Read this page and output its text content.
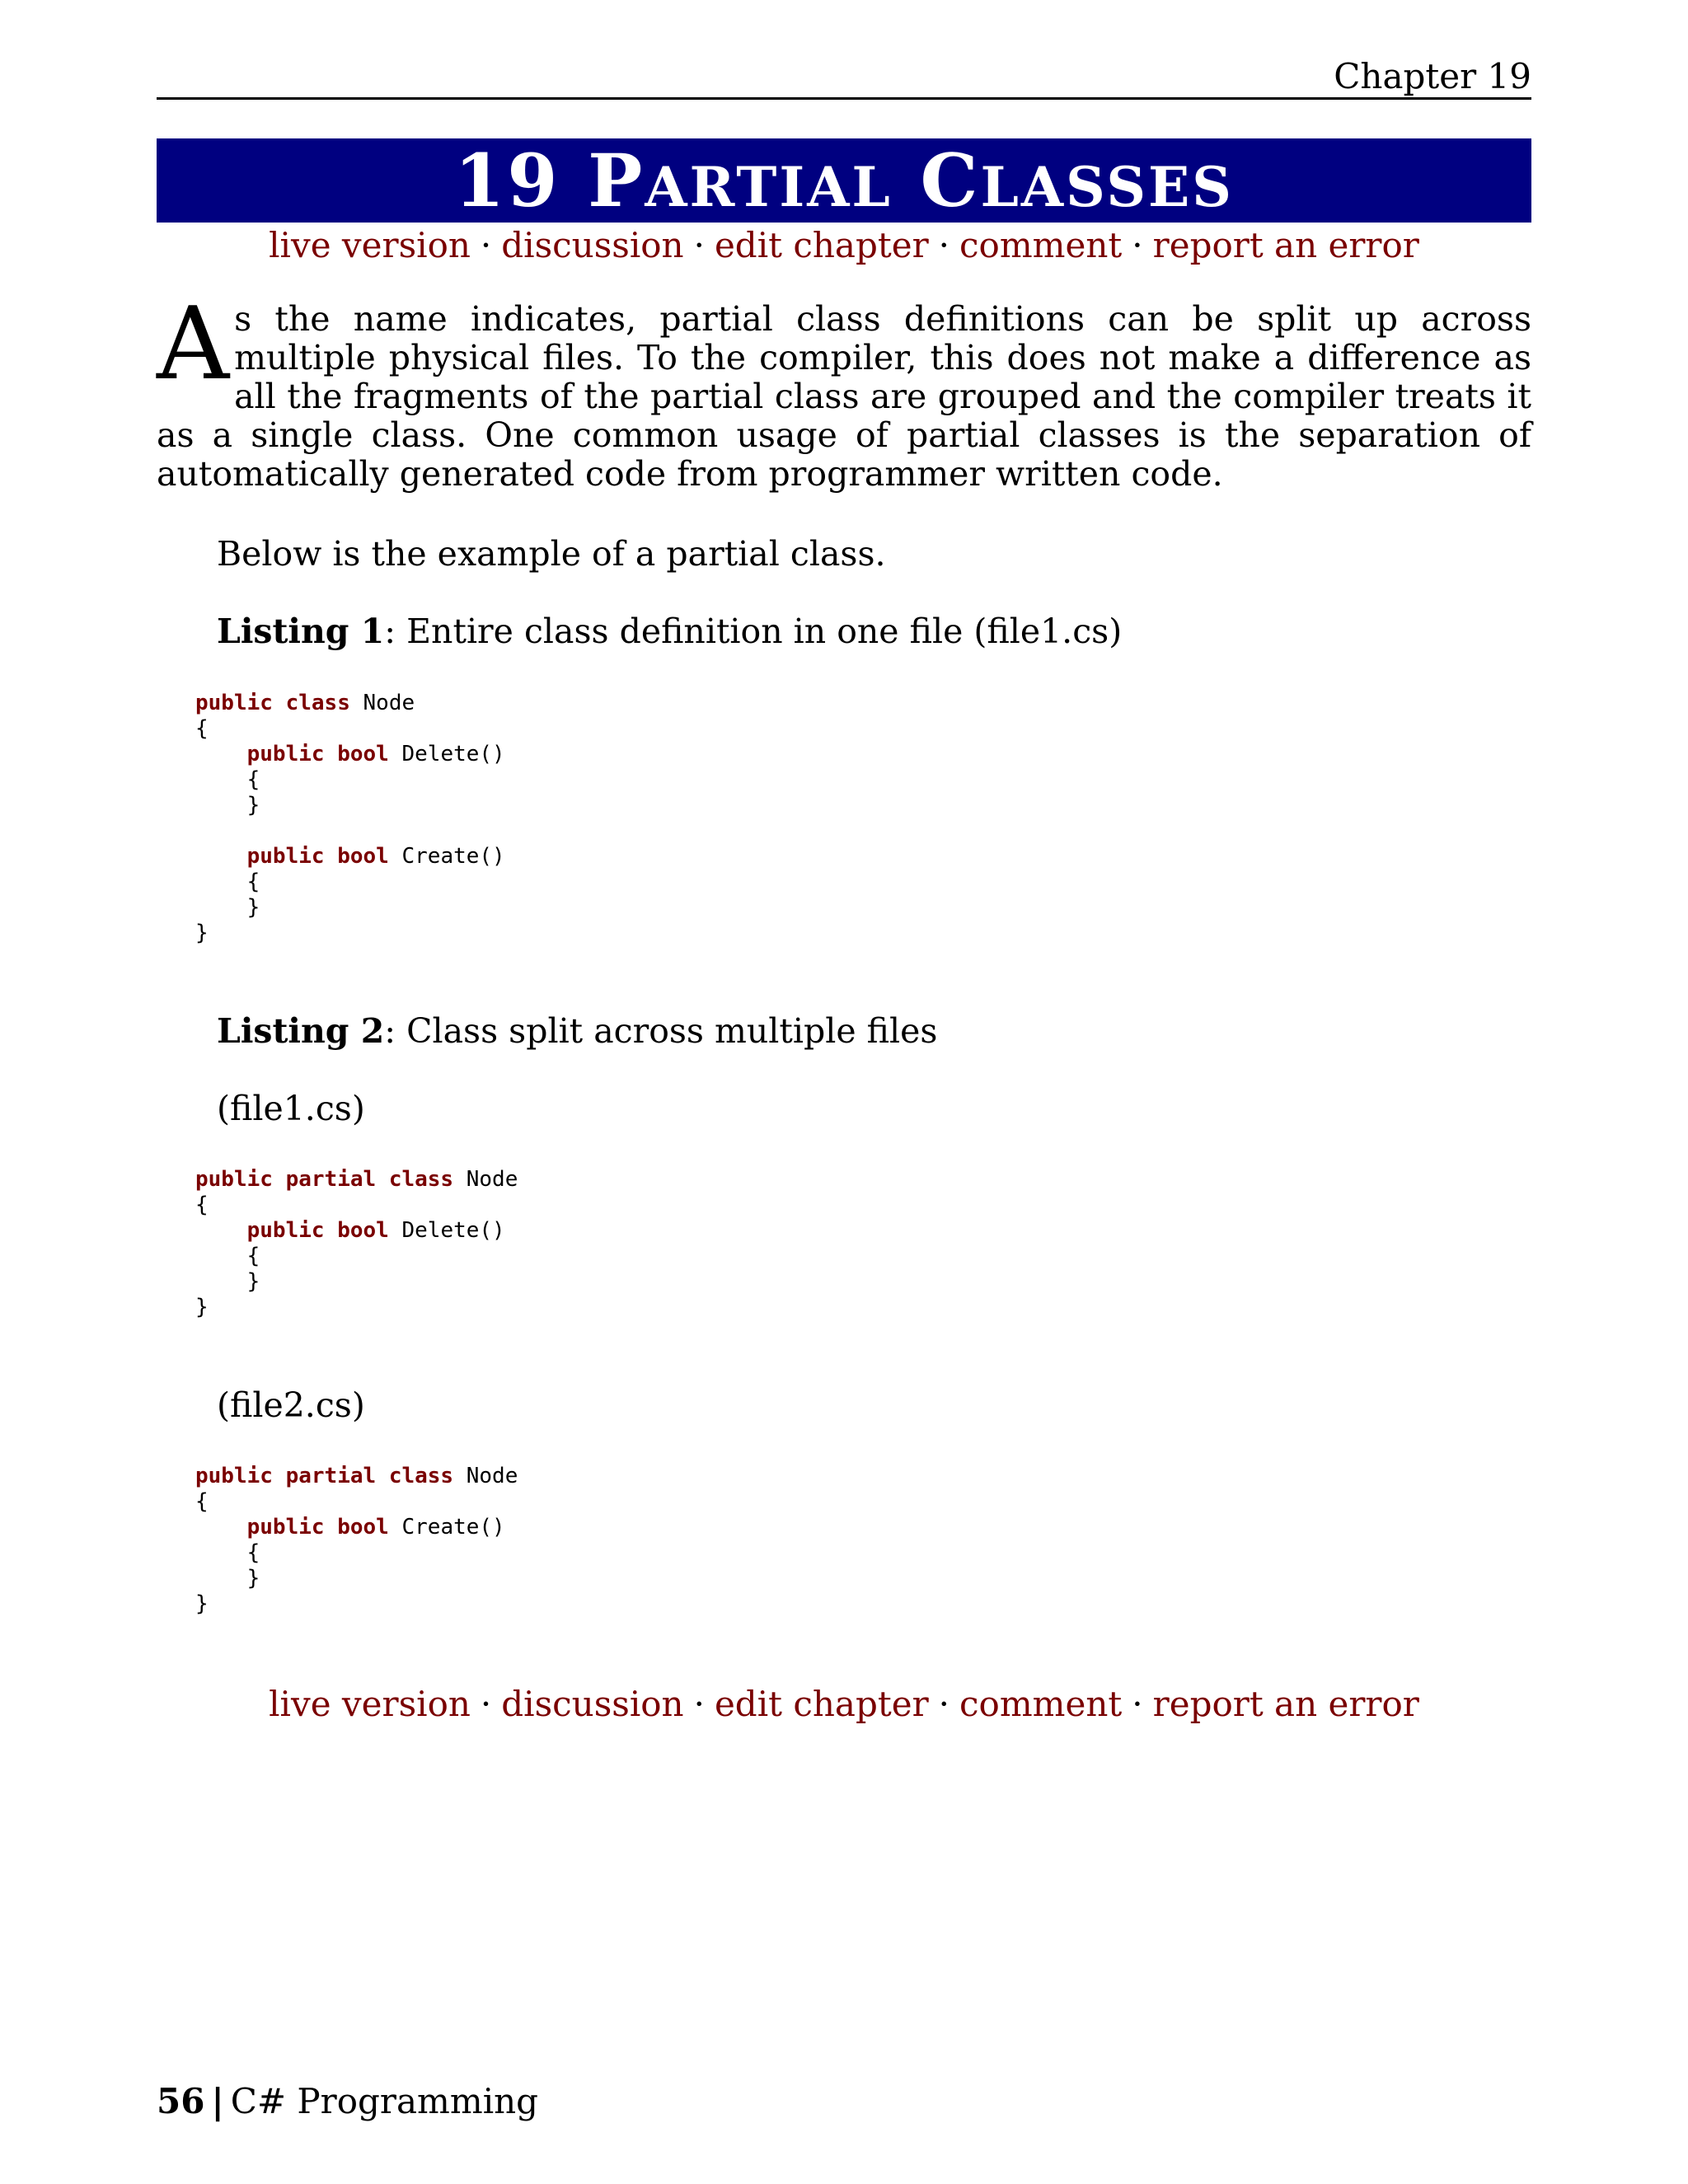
Chapter 19
19 PARTIAL CLASSES
live version · discussion · edit chapter · comment · report an error
As the name indicates, partial class definitions can be split up across multiple physical files. To the compiler, this does not make a difference as all the fragments of the partial class are grouped and the compiler treats it as a single class. One common usage of partial classes is the separation of automatically generated code from programmer written code.
Below is the example of a partial class.
Listing 1: Entire class definition in one file (file1.cs)
public class Node
{
public bool Delete()
{
}
public bool Create()
{
}
}
Listing 2: Class split across multiple files
(file1.cs)
public partial class Node
{
public bool Delete()
{
}
}
(file2.cs)
public partial class Node
{
public bool Create()
{
}
}
live version · discussion · edit chapter · comment · report an error
56 | C# Programming
